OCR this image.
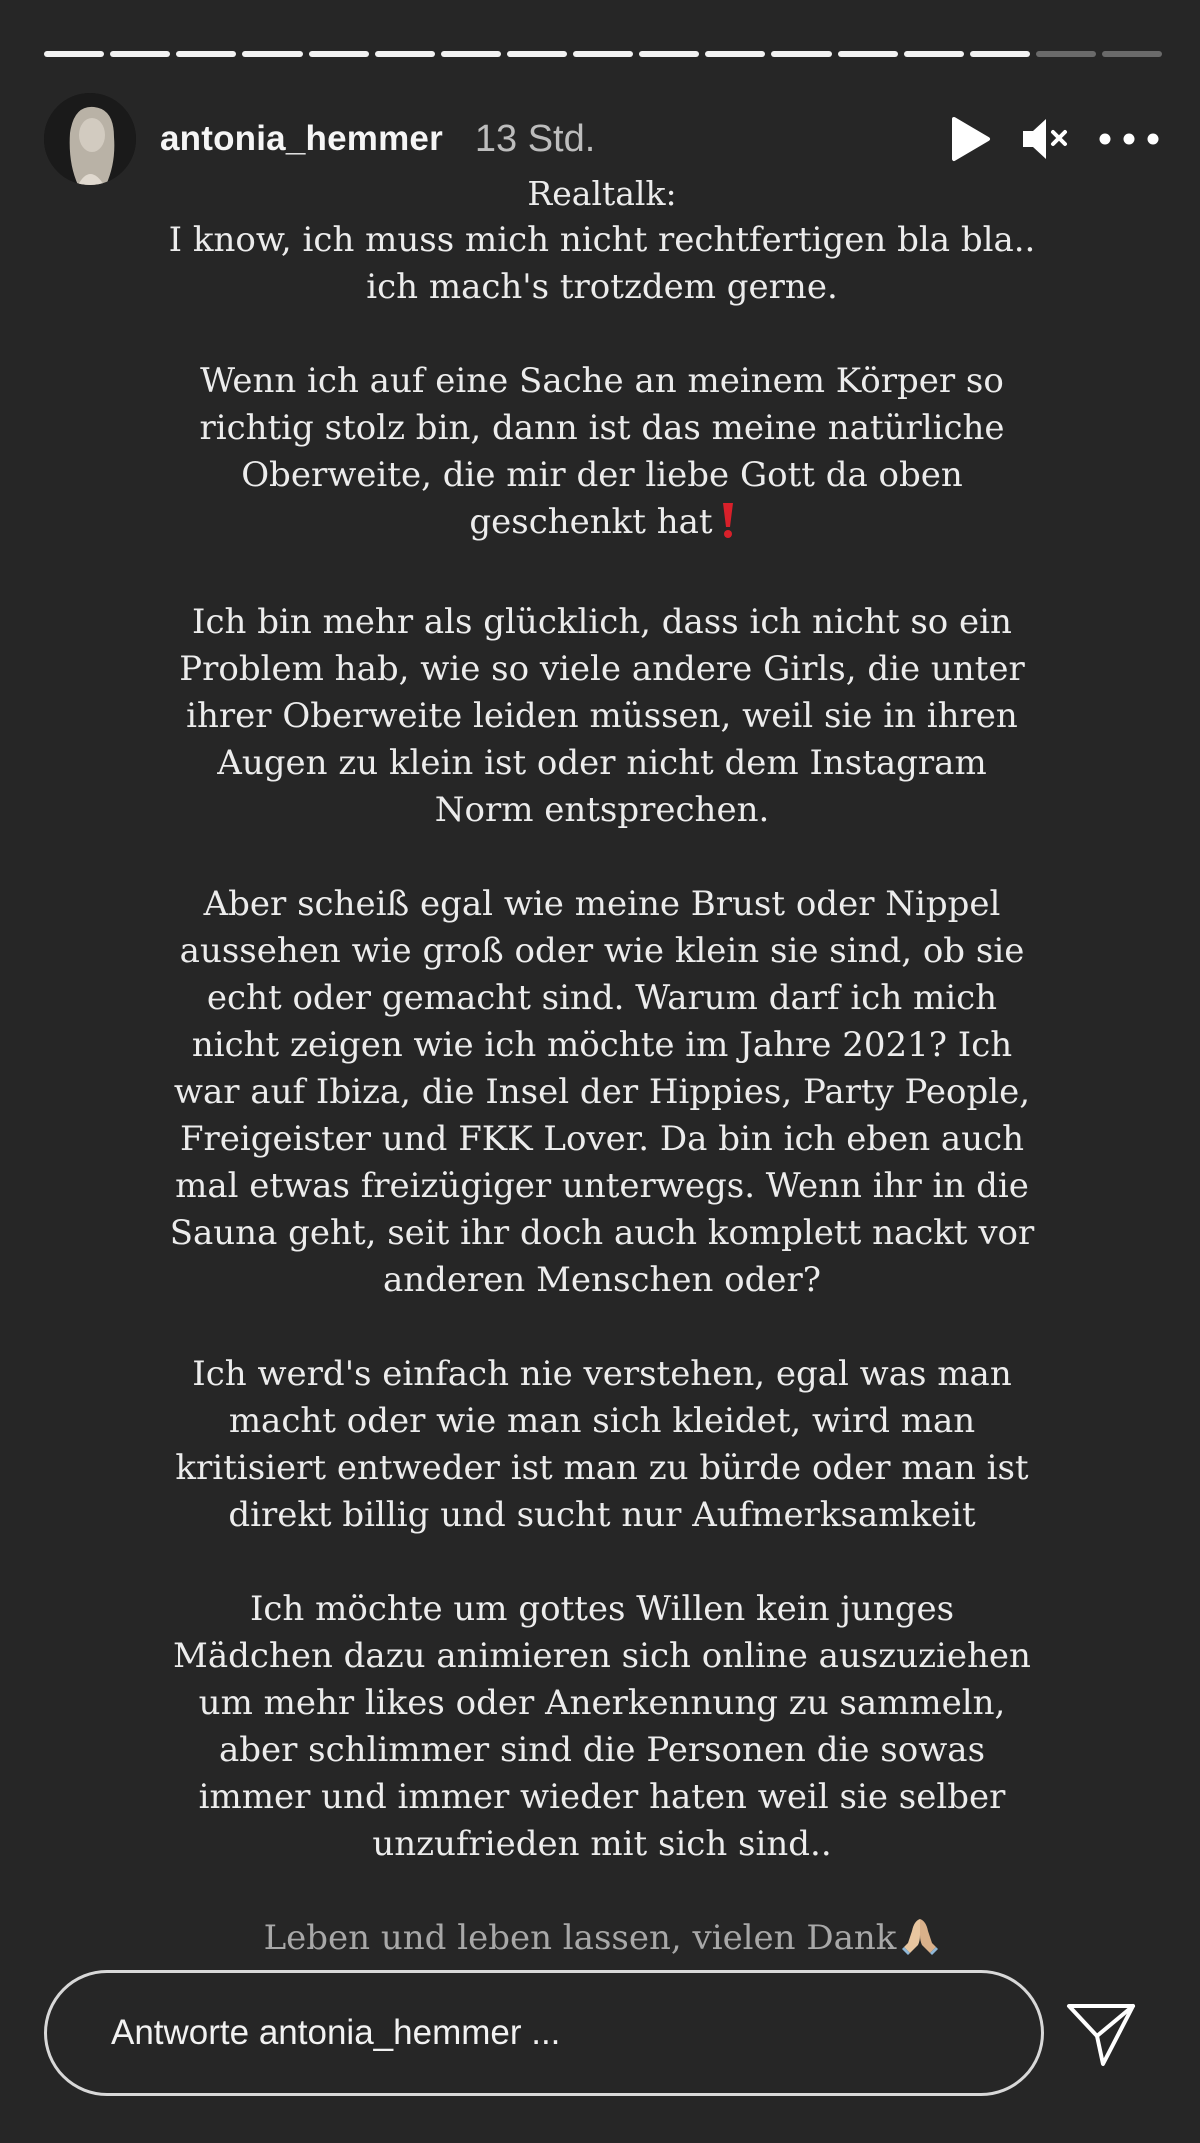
antonia_hemmer 13 Std.

Realtalk:

I know, ich muss mich nicht rechtfertigen bla bla..

ich mach's trotzdem gerne.

Wenn ich auf eine Sache an meinem Körper so

richtig stolz bin, dann ist das meine natürliche

Oberweite, die mir der liebe Gott da oben

geschenkt hat

Ich bin mehr als glücklich, dass ich nicht so ein

Problem hab, wie so viele andere Girls, die unter

ihrer Oberweite leiden müssen, weil sie in ihren

Augen zu klein ist oder nicht dem Instagram

Norm entsprechen.

Aber scheiß egal wie meine Brust oder Nippel

aussehen wie groß oder wie klein sie sind, ob sie

echt oder gemacht sind. Warum darf ich mich

nicht zeigen wie ich möchte im Jahre 2021? Ich

war auf Ibiza, die Insel der Hippies, Party People,

Freigeister und FKK Lover. Da bin ich eben auch

mal etwas freizügiger unterwegs. Wenn ihr in die

Sauna geht, seit ihr doch auch komplett nackt vor

anderen Menschen oder?

Ich werd's einfach nie verstehen, egal was man

macht oder wie man sich kleidet, wird man

kritisiert entweder ist man zu bürde oder man ist

direkt billig und sucht nur Aufmerksamkeit

Ich möchte um gottes Willen kein junges

Mädchen dazu animieren sich online auszuziehen

um mehr likes oder Anerkennung zu sammeln,

aber schlimmer sind die Personen die sowas

immer und immer wieder haten weil sie selber

unzufrieden mit sich sind..

Leben und leben lassen, vielen Dank

Antworte antonia_hemmer ...
